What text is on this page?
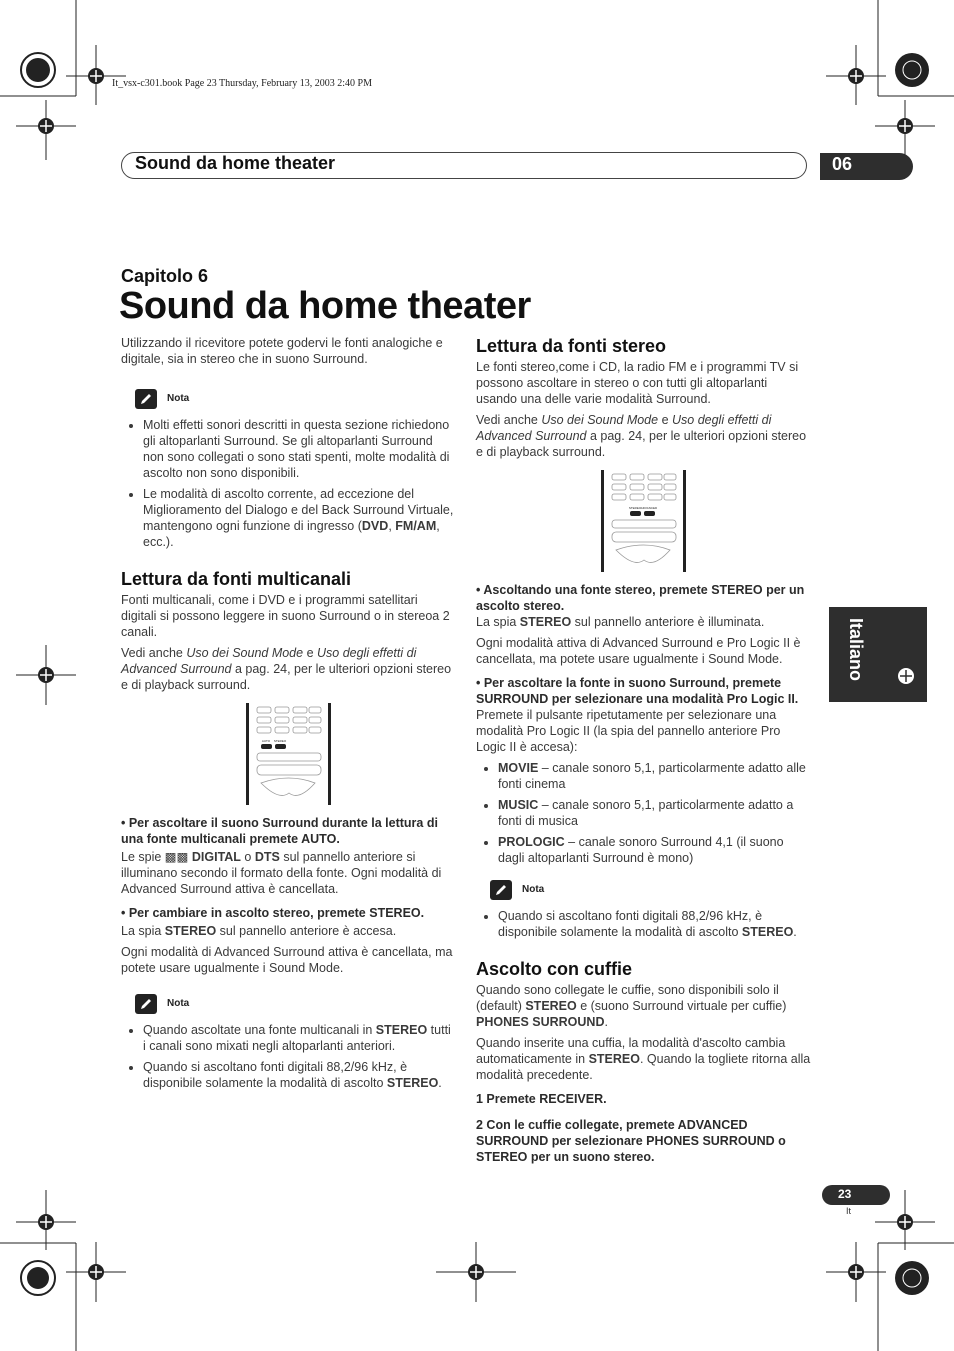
It_vsx-c301.book Page 23 Thursday, February 13, 2003 2:40 PM
Sound da home theater	06
Capitolo 6
Sound da home theater
Italiano

Utilizzando il ricevitore potete godervi le fonti analogiche e digitale, sia in stereo che in suono Surround.

Nota
• Molti effetti sonori descritti in questa sezione richiedono gli altoparlanti Surround. Se gli altoparlanti Surround non sono collegati o sono stati spenti, molte modalità di ascolto non sono disponibili.
• Le modalità di ascolto corrente, ad eccezione del Miglioramento del Dialogo e del Back Surround Virtuale, mantengono ogni funzione di ingresso (DVD, FM/AM, ecc.).
Lettura da fonti multicanali

Fonti multicanali, come i DVD e i programmi satellitari digitali si possono leggere in suono Surround o in stereoa 2 canali.

Vedi anche Uso dei Sound Mode e Uso degli effetti di Advanced Surround a pag. 24, per le ulteriori opzioni stereo e di playback surround.

AUTO STEREO

• Per ascoltare il suono Surround durante la lettura di una fonte multicanali premete AUTO.

Le spie ▩▩ DIGITAL o DTS sul pannello anteriore si illuminano secondo il formato della fonte. Ogni modalità di Advanced Surround attiva è cancellata.

• Per cambiare in ascolto stereo, premete STEREO.

La spia STEREO sul pannello anteriore è accesa.

Ogni modalità di Advanced Surround attiva è cancellata, ma potete usare ugualmente i Sound Mode.

Nota
• Quando ascoltate una fonte multicanali in STEREO tutti i canali sono mixati negli altoparlanti anteriori.
• Quando si ascoltano fonti digitali 88,2/96 kHz, è disponibile solamente la modalità di ascolto STEREO.
Lettura da fonti stereo

Le fonti stereo,come i CD, la radio FM e i programmi TV si possono ascoltare in stereo o con tutti gli altoparlanti usando una delle varie modalità Surround.

Vedi anche Uso dei Sound Mode e Uso degli effetti di Advanced Surround a pag. 24, per le ulteriori opzioni stereo e di playback surround.

STEREO ADVANCED

• Ascoltando una fonte stereo, premete STEREO per un ascolto stereo.

La spia STEREO sul pannello anteriore è illuminata.

Ogni modalità attiva di Advanced Surround e Pro Logic II è cancellata, ma potete usare ugualmente i Sound Mode.

• Per ascoltare la fonte in suono Surround, premete SURROUND per selezionare una modalità Pro Logic II.

Premete il pulsante ripetutamente per selezionare una modalità Pro Logic II (la spia del pannello anteriore Pro Logic II è accesa):

• MOVIE – canale sonoro 5,1, particolarmente adatto alle fonti cinema
• MUSIC – canale sonoro 5,1, particolarmente adatto a fonti di musica
• PROLOGIC – canale sonoro Surround 4,1 (il suono dagli altoparlanti Surround è mono)
Nota
• Quando si ascoltano fonti digitali 88,2/96 kHz, è disponibile solamente la modalità di ascolto STEREO.
Ascolto con cuffie

Quando sono collegate le cuffie, sono disponibili solo il (default) STEREO e (suono Surround virtuale per cuffie) PHONES SURROUND.

Quando inserite una cuffia, la modalità d'ascolto cambia automaticamente in STEREO. Quando la togliete ritorna alla modalità precedente.

1 Premete RECEIVER.

2 Con le cuffie collegate, premete ADVANCED SURROUND per selezionare PHONES SURROUND o STEREO per un suono stereo.

23
It
